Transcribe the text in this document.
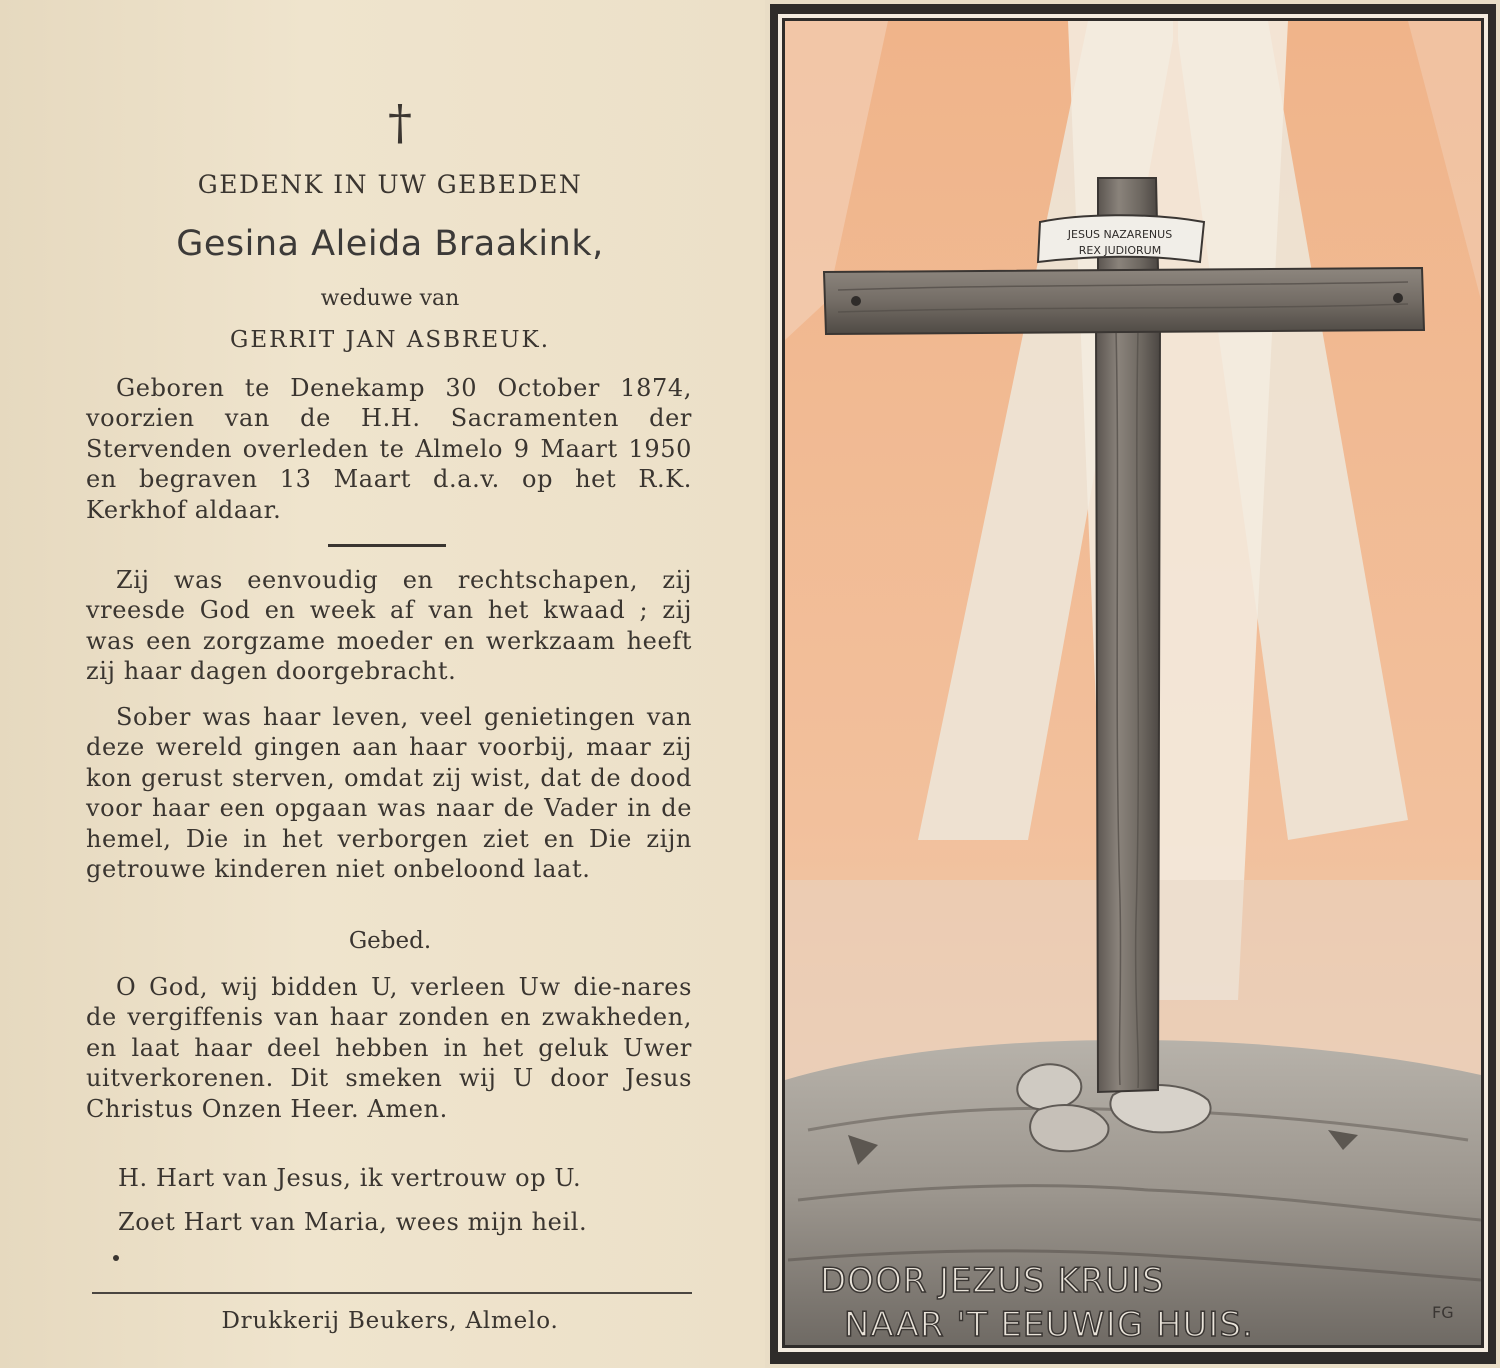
†
GEDENK IN UW GEBEDEN
Gesina Aleida Braakink,
weduwe van
GERRIT JAN ASBREUK.
Geboren te Denekamp 30 October 1874, voorzien van de H.H. Sacramenten der Stervenden overleden te Almelo 9 Maart 1950 en begraven 13 Maart d.a.v. op het R.K. Kerkhof aldaar.
Zij was eenvoudig en rechtschapen, zij vreesde God en week af van het kwaad ; zij was een zorgzame moeder en werkzaam heeft zij haar dagen doorgebracht.
Sober was haar leven, veel genietingen van deze wereld gingen aan haar voorbij, maar zij kon gerust sterven, omdat zij wist, dat de dood voor haar een opgaan was naar de Vader in de hemel, Die in het verborgen ziet en Die zijn getrouwe kinderen niet onbeloond laat.
Gebed.
O God, wij bidden U, verleen Uw die-nares de vergiffenis van haar zonden en zwakheden, en laat haar deel hebben in het geluk Uwer uitverkorenen. Dit smeken wij U door Jesus Christus Onzen Heer. Amen.
H. Hart van Jesus, ik vertrouw op U.
Zoet Hart van Maria, wees mijn heil.
Drukkerij Beukers, Almelo.
JESUS NAZARENUS
REX JUDIORUM
DOOR JEZUS KRUIS
NAAR 'T EEUWIG HUIS.	FG
